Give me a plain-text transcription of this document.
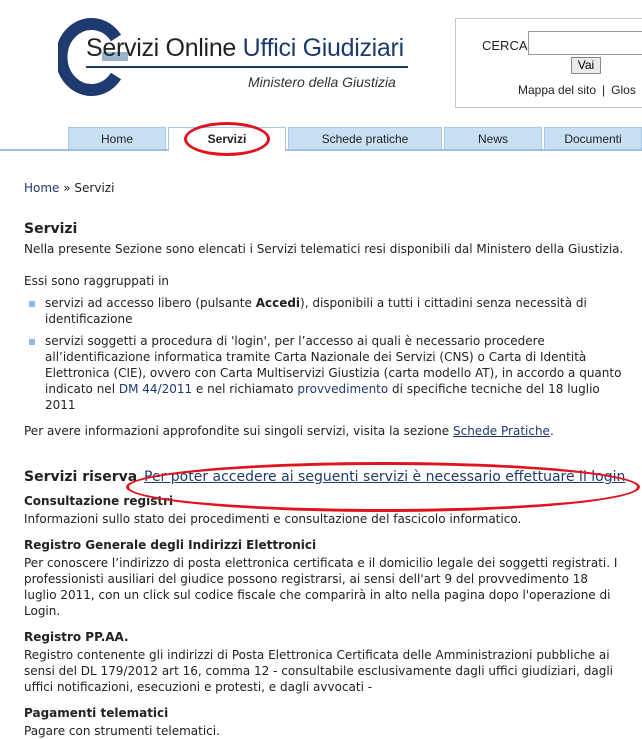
Servizi Online Uffici Giudiziari
Ministero della Giustizia
CERCA
Vai
Mappa del sito | Glos
Home	Servizi	Schede pratiche	News	Documenti
Home » Servizi
Servizi

Nella presente Sezione sono elencati i Servizi telematici resi disponibili dal Ministero della Giustizia.

Essi sono raggruppati in

servizi ad accesso libero (pulsante Accedi), disponibili a tutti i cittadini senza necessità di identificazione
servizi soggetti a procedura di 'login', per l’accesso ai quali è necessario procedere all’identificazione informatica tramite Carta Nazionale dei Servizi (CNS) o Carta di Identità Elettronica (CIE), ovvero con Carta Multiservizi Giustizia (carta modello AT), in accordo a quanto indicato nel DM 44/2011 e nel richiamato provvedimento di specifiche tecniche del 18 luglio 2011

Per avere informazioni approfondite sui singoli servizi, visita la sezione Schede Pratiche.

Servizi riserva Per poter accedere ai seguenti servizi è necessario effettuare il login
Consultazione registri
Informazioni sullo stato dei procedimenti e consultazione del fascicolo informatico.
Registro Generale degli Indirizzi Elettronici
Per conoscere l’indirizzo di posta elettronica certificata e il domicilio legale dei soggetti registrati. I professionisti ausiliari del giudice possono registrarsi, ai sensi dell'art 9 del provvedimento 18 luglio 2011, con un click sul codice fiscale che comparirà in alto nella pagina dopo l'operazione di Login.
Registro PP.AA.
Registro contenente gli indirizzi di Posta Elettronica Certificata delle Amministrazioni pubbliche ai sensi del DL 179/2012 art 16, comma 12 - consultabile esclusivamente dagli uffici giudiziari, dagli uffici notificazioni, esecuzioni e protesti, e dagli avvocati -
Pagamenti telematici
Pagare con strumenti telematici.
